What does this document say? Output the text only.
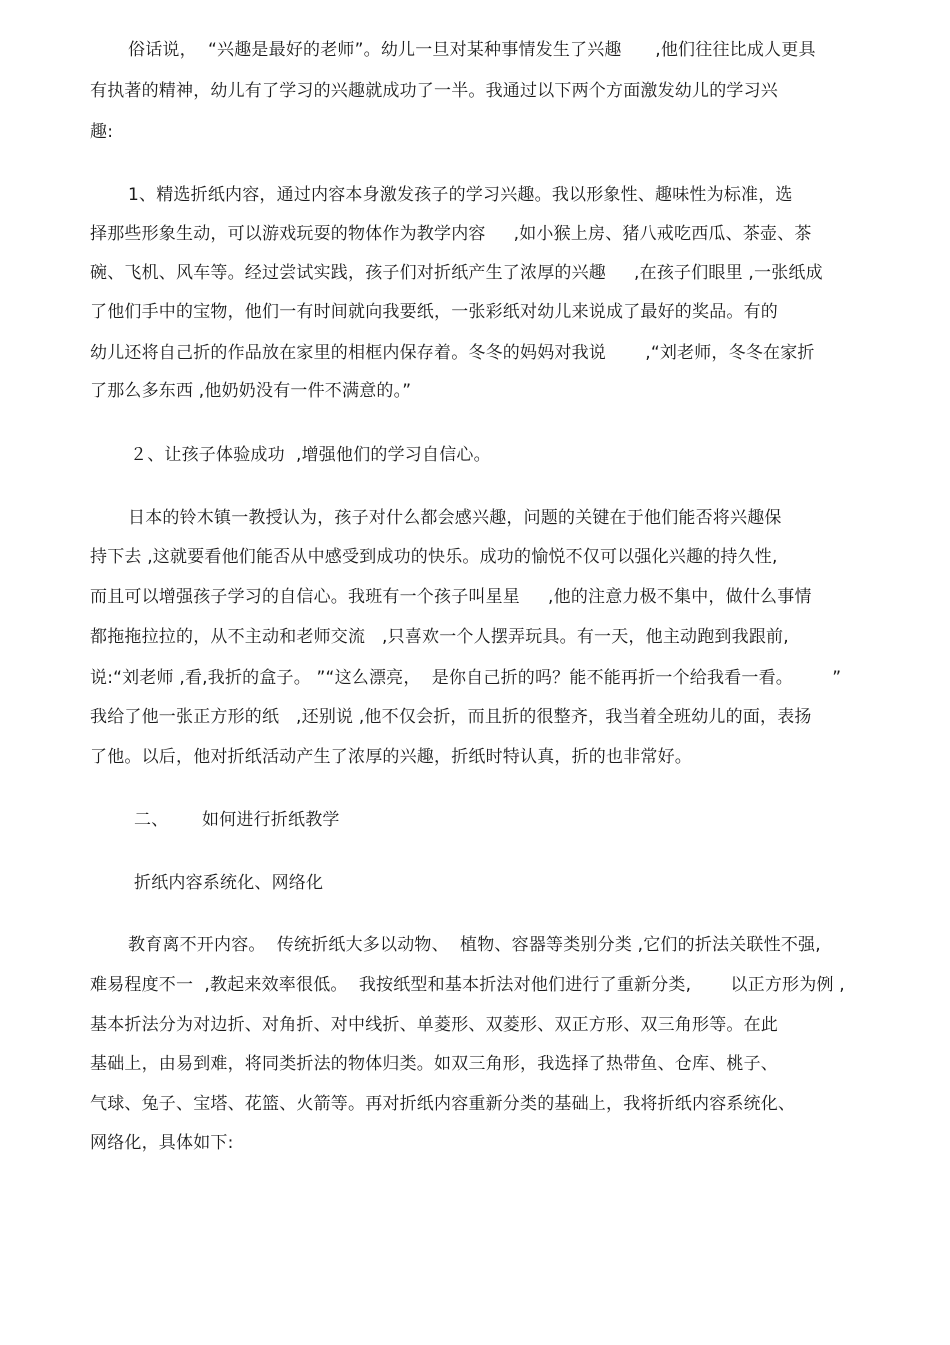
俗话说，  “兴趣是最好的老师”。幼儿一旦对某种事情发生了兴趣      ,他们往往比成人更具
有执著的精神，幼儿有了学习的兴趣就成功了一半。我通过以下两个方面激发幼儿的学习兴
趣:
1、精选折纸内容，通过内容本身激发孩子的学习兴趣。我以形象性、趣味性为标准，选
择那些形象生动，可以游戏玩耍的物体作为教学内容     ,如小猴上房、猪八戒吃西瓜、茶壶、茶
碗、飞机、风车等。经过尝试实践，孩子们对折纸产生了浓厚的兴趣     ,在孩子们眼里 ,一张纸成
了他们手中的宝物，他们一有时间就向我要纸，一张彩纸对幼儿来说成了最好的奖品。有的
幼儿还将自己折的作品放在家里的相框内保存着。冬冬的妈妈对我说       ,“刘老师，冬冬在家折
了那么多东西 ,他奶奶没有一件不满意的。”
２、让孩子体验成功  ,增强他们的学习自信心。
日本的铃木镇一教授认为，孩子对什么都会感兴趣，问题的关键在于他们能否将兴趣保
持下去 ,这就要看他们能否从中感受到成功的快乐。成功的愉悦不仅可以强化兴趣的持久性,
而且可以增强孩子学习的自信心。我班有一个孩子叫星星     ,他的注意力极不集中，做什么事情
都拖拖拉拉的，从不主动和老师交流   ,只喜欢一个人摆弄玩具。有一天，他主动跑到我跟前,
说:“刘老师 ,看,我折的盒子。 ”“这么漂亮，  是你自己折的吗？能不能再折一个给我看一看。       ”
我给了他一张正方形的纸   ,还别说 ,他不仅会折，而且折的很整齐，我当着全班幼儿的面，表扬
了他。以后，他对折纸活动产生了浓厚的兴趣，折纸时特认真，折的也非常好。
二、      如何进行折纸教学
折纸内容系统化、网络化
教育离不开内容。  传统折纸大多以动物、  植物、容器等类别分类 ,它们的折法关联性不强,
难易程度不一  ,教起来效率很低。  我按纸型和基本折法对他们进行了重新分类,       以正方形为例 ,
基本折法分为对边折、对角折、对中线折、单菱形、双菱形、双正方形、双三角形等。在此
基础上，由易到难，将同类折法的物体归类。如双三角形，我选择了热带鱼、仓库、桃子、
气球、兔子、宝塔、花篮、火箭等。再对折纸内容重新分类的基础上，我将折纸内容系统化、
网络化，具体如下:
